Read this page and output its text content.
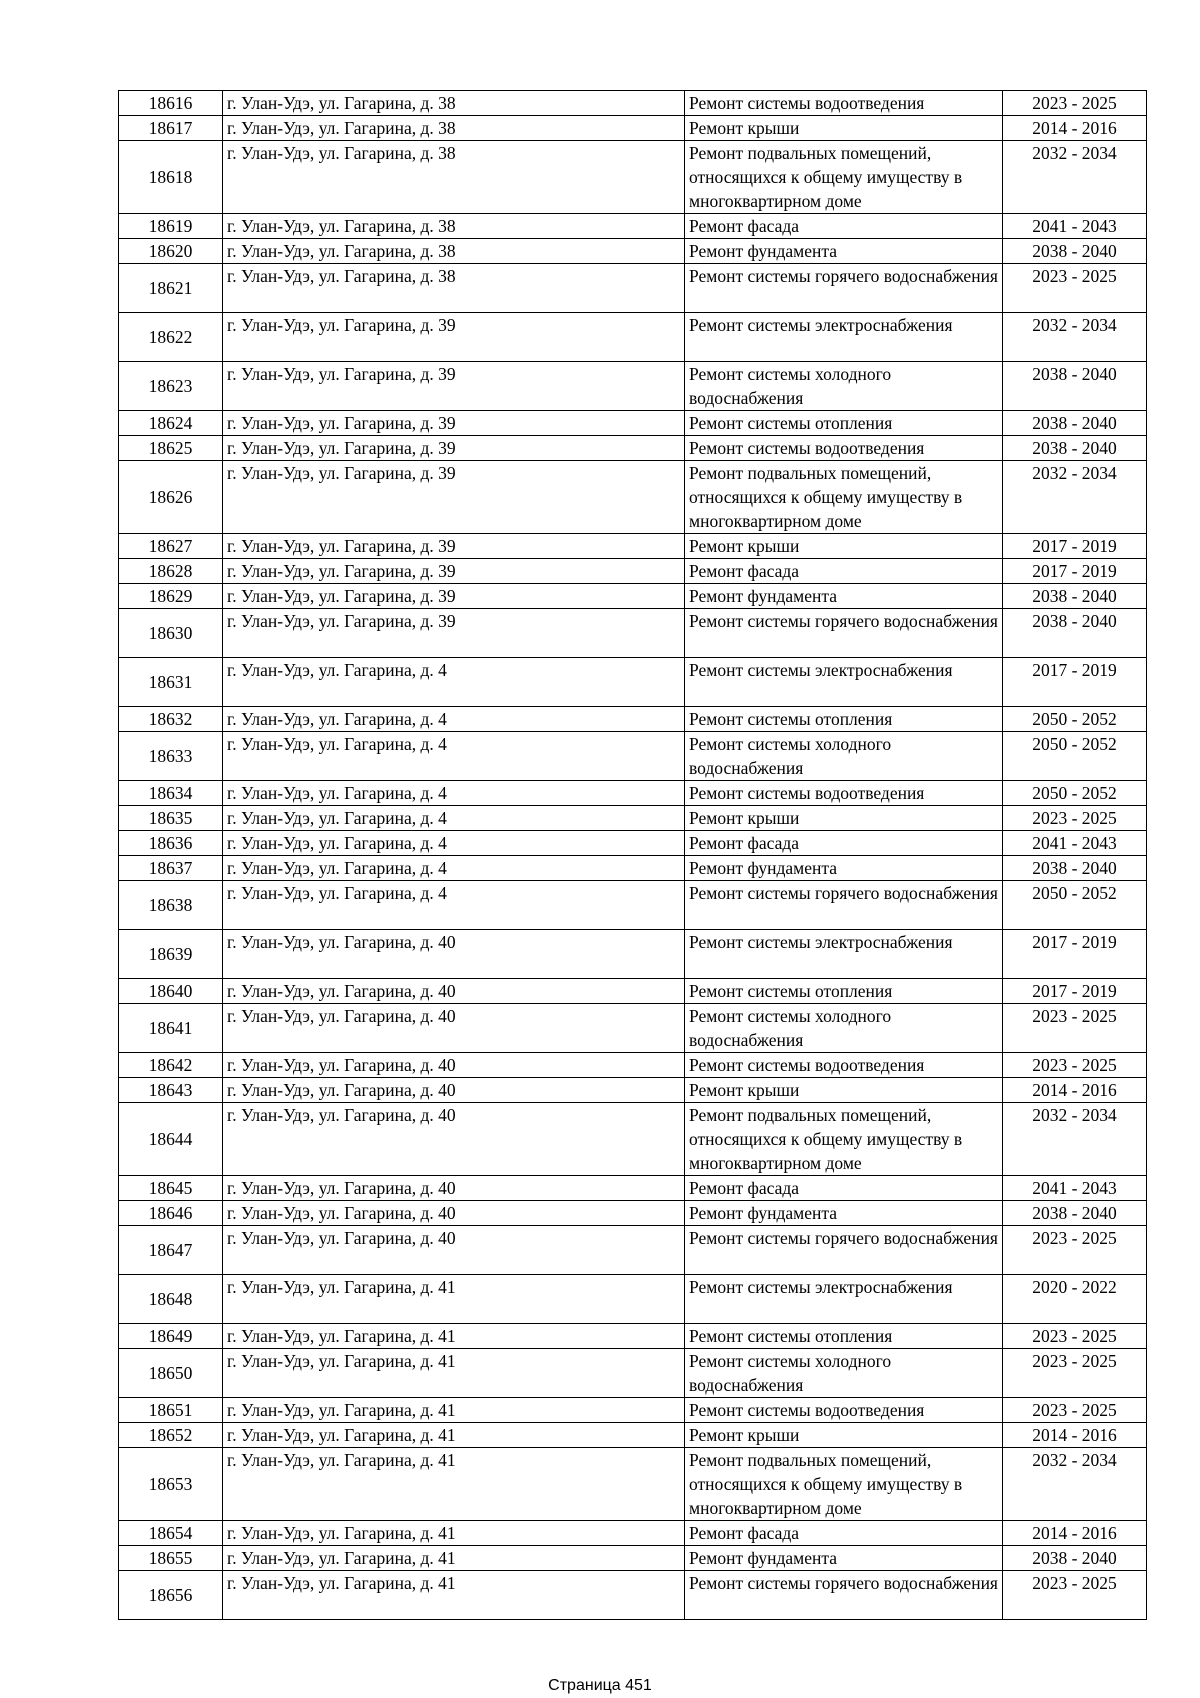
18616	г. Улан-Удэ, ул. Гагарина, д. 38	Ремонт системы водоотведения	2023 - 2025
18617	г. Улан-Удэ, ул. Гагарина, д. 38	Ремонт крыши	2014 - 2016
18618	г. Улан-Удэ, ул. Гагарина, д. 38	Ремонт подвальных помещений, относящихся к общему имуществу в многоквартирном доме	2032 - 2034
18619	г. Улан-Удэ, ул. Гагарина, д. 38	Ремонт фасада	2041 - 2043
18620	г. Улан-Удэ, ул. Гагарина, д. 38	Ремонт фундамента	2038 - 2040
18621	г. Улан-Удэ, ул. Гагарина, д. 38	Ремонт системы горячего водоснабжения	2023 - 2025
18622	г. Улан-Удэ, ул. Гагарина, д. 39	Ремонт системы электроснабжения	2032 - 2034
18623	г. Улан-Удэ, ул. Гагарина, д. 39	Ремонт системы холодного водоснабжения	2038 - 2040
18624	г. Улан-Удэ, ул. Гагарина, д. 39	Ремонт системы отопления	2038 - 2040
18625	г. Улан-Удэ, ул. Гагарина, д. 39	Ремонт системы водоотведения	2038 - 2040
18626	г. Улан-Удэ, ул. Гагарина, д. 39	Ремонт подвальных помещений, относящихся к общему имуществу в многоквартирном доме	2032 - 2034
18627	г. Улан-Удэ, ул. Гагарина, д. 39	Ремонт крыши	2017 - 2019
18628	г. Улан-Удэ, ул. Гагарина, д. 39	Ремонт фасада	2017 - 2019
18629	г. Улан-Удэ, ул. Гагарина, д. 39	Ремонт фундамента	2038 - 2040
18630	г. Улан-Удэ, ул. Гагарина, д. 39	Ремонт системы горячего водоснабжения	2038 - 2040
18631	г. Улан-Удэ, ул. Гагарина, д. 4	Ремонт системы электроснабжения	2017 - 2019
18632	г. Улан-Удэ, ул. Гагарина, д. 4	Ремонт системы отопления	2050 - 2052
18633	г. Улан-Удэ, ул. Гагарина, д. 4	Ремонт системы холодного водоснабжения	2050 - 2052
18634	г. Улан-Удэ, ул. Гагарина, д. 4	Ремонт системы водоотведения	2050 - 2052
18635	г. Улан-Удэ, ул. Гагарина, д. 4	Ремонт крыши	2023 - 2025
18636	г. Улан-Удэ, ул. Гагарина, д. 4	Ремонт фасада	2041 - 2043
18637	г. Улан-Удэ, ул. Гагарина, д. 4	Ремонт фундамента	2038 - 2040
18638	г. Улан-Удэ, ул. Гагарина, д. 4	Ремонт системы горячего водоснабжения	2050 - 2052
18639	г. Улан-Удэ, ул. Гагарина, д. 40	Ремонт системы электроснабжения	2017 - 2019
18640	г. Улан-Удэ, ул. Гагарина, д. 40	Ремонт системы отопления	2017 - 2019
18641	г. Улан-Удэ, ул. Гагарина, д. 40	Ремонт системы холодного водоснабжения	2023 - 2025
18642	г. Улан-Удэ, ул. Гагарина, д. 40	Ремонт системы водоотведения	2023 - 2025
18643	г. Улан-Удэ, ул. Гагарина, д. 40	Ремонт крыши	2014 - 2016
18644	г. Улан-Удэ, ул. Гагарина, д. 40	Ремонт подвальных помещений, относящихся к общему имуществу в многоквартирном доме	2032 - 2034
18645	г. Улан-Удэ, ул. Гагарина, д. 40	Ремонт фасада	2041 - 2043
18646	г. Улан-Удэ, ул. Гагарина, д. 40	Ремонт фундамента	2038 - 2040
18647	г. Улан-Удэ, ул. Гагарина, д. 40	Ремонт системы горячего водоснабжения	2023 - 2025
18648	г. Улан-Удэ, ул. Гагарина, д. 41	Ремонт системы электроснабжения	2020 - 2022
18649	г. Улан-Удэ, ул. Гагарина, д. 41	Ремонт системы отопления	2023 - 2025
18650	г. Улан-Удэ, ул. Гагарина, д. 41	Ремонт системы холодного водоснабжения	2023 - 2025
18651	г. Улан-Удэ, ул. Гагарина, д. 41	Ремонт системы водоотведения	2023 - 2025
18652	г. Улан-Удэ, ул. Гагарина, д. 41	Ремонт крыши	2014 - 2016
18653	г. Улан-Удэ, ул. Гагарина, д. 41	Ремонт подвальных помещений, относящихся к общему имуществу в многоквартирном доме	2032 - 2034
18654	г. Улан-Удэ, ул. Гагарина, д. 41	Ремонт фасада	2014 - 2016
18655	г. Улан-Удэ, ул. Гагарина, д. 41	Ремонт фундамента	2038 - 2040
18656	г. Улан-Удэ, ул. Гагарина, д. 41	Ремонт системы горячего водоснабжения	2023 - 2025
Страница 451
